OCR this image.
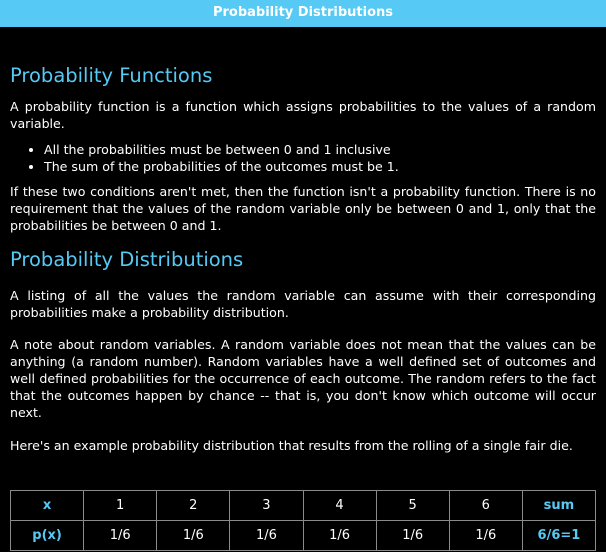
Probability Distributions
Probability Functions

A probability function is a function which assigns probabilities to the values of a random variable.

• All the probabilities must be between 0 and 1 inclusive
• The sum of the probabilities of the outcomes must be 1.

If these two conditions aren't met, then the function isn't a probability function. There is no requirement that the values of the random variable only be between 0 and 1, only that the probabilities be between 0 and 1.

Probability Distributions

A listing of all the values the random variable can assume with their corresponding probabilities make a probability distribution.

A note about random variables. A random variable does not mean that the values can be anything (a random number). Random variables have a well defined set of outcomes and well defined probabilities for the occurrence of each outcome. The random refers to the fact that the outcomes happen by chance -- that is, you don't know which outcome will occur next.

Here's an example probability distribution that results from the rolling of a single fair die.

x	1	2	3	4	5	6	sum
p(x)	1/6	1/6	1/6	1/6	1/6	1/6	6/6=1
